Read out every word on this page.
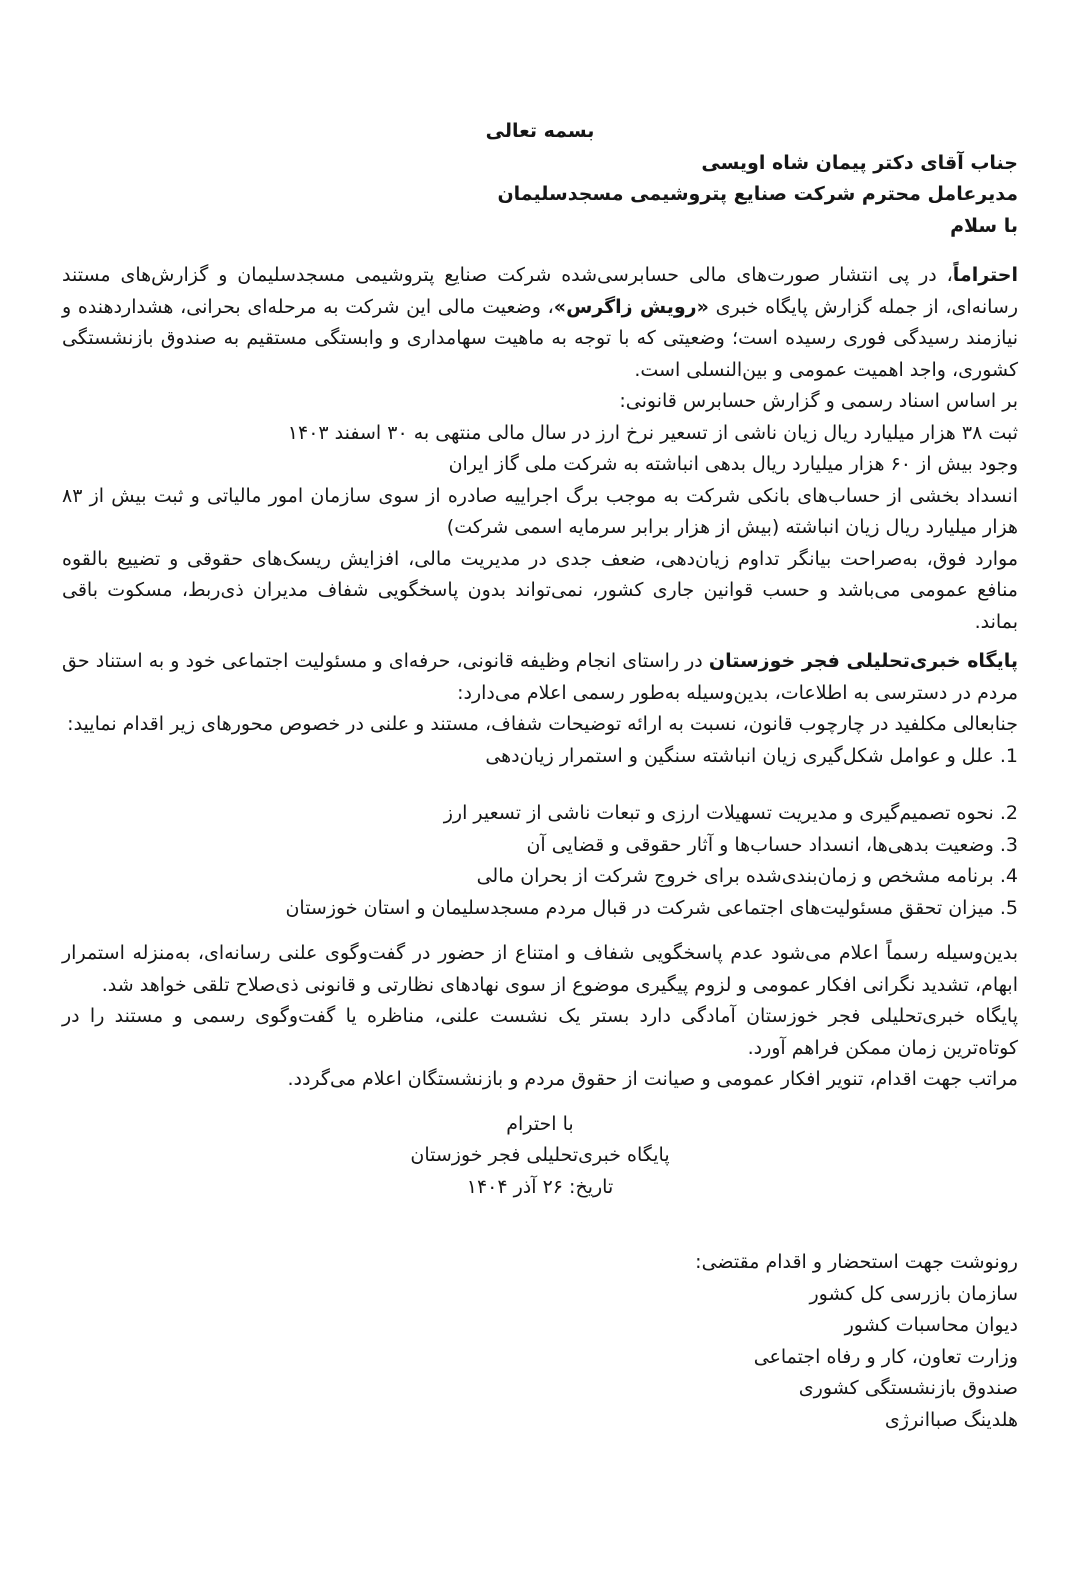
بسمه تعالی

جناب آقای دکتر پیمان شاه اویسی

مدیرعامل محترم شرکت صنایع پتروشیمی مسجدسلیمان

با سلام

احتراماً، در پی انتشار صورت‌های مالی حسابرسی‌شده شرکت صنایع پتروشیمی مسجدسلیمان و گزارش‌های مستند رسانه‌ای، از جمله گزارش پایگاه خبری «رویش زاگرس»، وضعیت مالی این شرکت به مرحله‌ای بحرانی، هشداردهنده و نیازمند رسیدگی فوری رسیده است؛ وضعیتی که با توجه به ماهیت سهامداری و وابستگی مستقیم به صندوق بازنشستگی کشوری، واجد اهمیت عمومی و بین‌النسلی است.

بر اساس اسناد رسمی و گزارش حسابرس قانونی:

ثبت ۳۸ هزار میلیارد ریال زیان ناشی از تسعیر نرخ ارز در سال مالی منتهی به ۳۰ اسفند ۱۴۰۳

وجود بیش از ۶۰ هزار میلیارد ریال بدهی انباشته به شرکت ملی گاز ایران

انسداد بخشی از حساب‌های بانکی شرکت به موجب برگ اجراییه صادره از سوی سازمان امور مالیاتی و ثبت بیش از ۸۳ هزار میلیارد ریال زیان انباشته (بیش از هزار برابر سرمایه اسمی شرکت)

موارد فوق، به‌صراحت بیانگر تداوم زیان‌دهی، ضعف جدی در مدیریت مالی، افزایش ریسک‌های حقوقی و تضییع بالقوه منافع عمومی می‌باشد و حسب قوانین جاری کشور، نمی‌تواند بدون پاسخگویی شفاف مدیران ذی‌ربط، مسکوت باقی بماند.

پایگاه خبری‌تحلیلی فجر خوزستان در راستای انجام وظیفه قانونی، حرفه‌ای و مسئولیت اجتماعی خود و به استناد حق مردم در دسترسی به اطلاعات، بدین‌وسیله به‌طور رسمی اعلام می‌دارد:

جنابعالی مکلفید در چارچوب قانون، نسبت به ارائه توضیحات شفاف، مستند و علنی در خصوص محورهای زیر اقدام نمایید:

1. علل و عوامل شکل‌گیری زیان انباشته سنگین و استمرار زیان‌دهی

2. نحوه تصمیم‌گیری و مدیریت تسهیلات ارزی و تبعات ناشی از تسعیر ارز

3. وضعیت بدهی‌ها، انسداد حساب‌ها و آثار حقوقی و قضایی آن

4. برنامه مشخص و زمان‌بندی‌شده برای خروج شرکت از بحران مالی

5. میزان تحقق مسئولیت‌های اجتماعی شرکت در قبال مردم مسجدسلیمان و استان خوزستان

بدین‌وسیله رسماً اعلام می‌شود عدم پاسخگویی شفاف و امتناع از حضور در گفت‌وگوی علنی رسانه‌ای، به‌منزله استمرار ابهام، تشدید نگرانی افکار عمومی و لزوم پیگیری موضوع از سوی نهادهای نظارتی و قانونی ذی‌صلاح تلقی خواهد شد.

پایگاه خبری‌تحلیلی فجر خوزستان آمادگی دارد بستر یک نشست علنی، مناظره یا گفت‌وگوی رسمی و مستند را در کوتاه‌ترین زمان ممکن فراهم آورد.

مراتب جهت اقدام، تنویر افکار عمومی و صیانت از حقوق مردم و بازنشستگان اعلام می‌گردد.

با احترام

پایگاه خبری‌تحلیلی فجر خوزستان

تاریخ: ۲۶ آذر ۱۴۰۴

رونوشت جهت استحضار و اقدام مقتضی:

سازمان بازرسی کل کشور

دیوان محاسبات کشور

وزارت تعاون، کار و رفاه اجتماعی

صندوق بازنشستگی کشوری

هلدینگ صباانرژی
